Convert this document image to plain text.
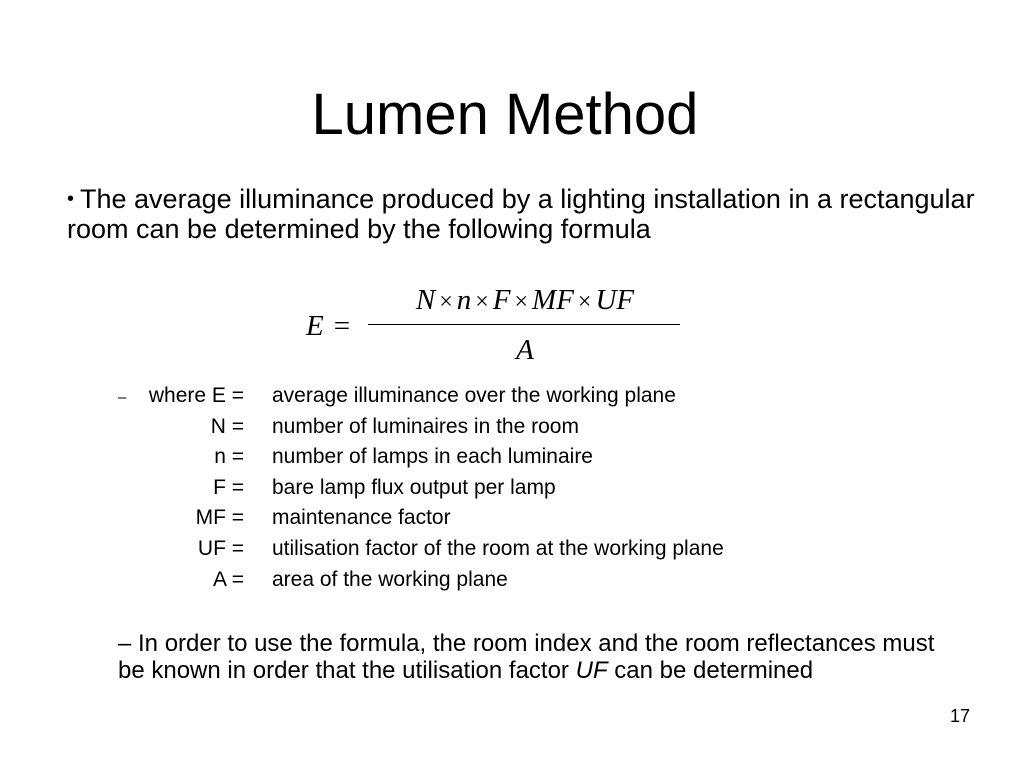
Lumen Method
• The average illuminance produced by a lighting installation in a rectangular room can be determined by the following formula
E =
N × n × F × MF × UF
A
–	where E = average illuminance over the working plane
N = number of luminaires in the room
n = number of lamps in each luminaire
F = bare lamp flux output per lamp
MF = maintenance factor
UF = utilisation factor of the room at the working plane
A = area of the working plane
– In order to use the formula, the room index and the room reflectances must be known in order that the utilisation factor UF can be determined
17
